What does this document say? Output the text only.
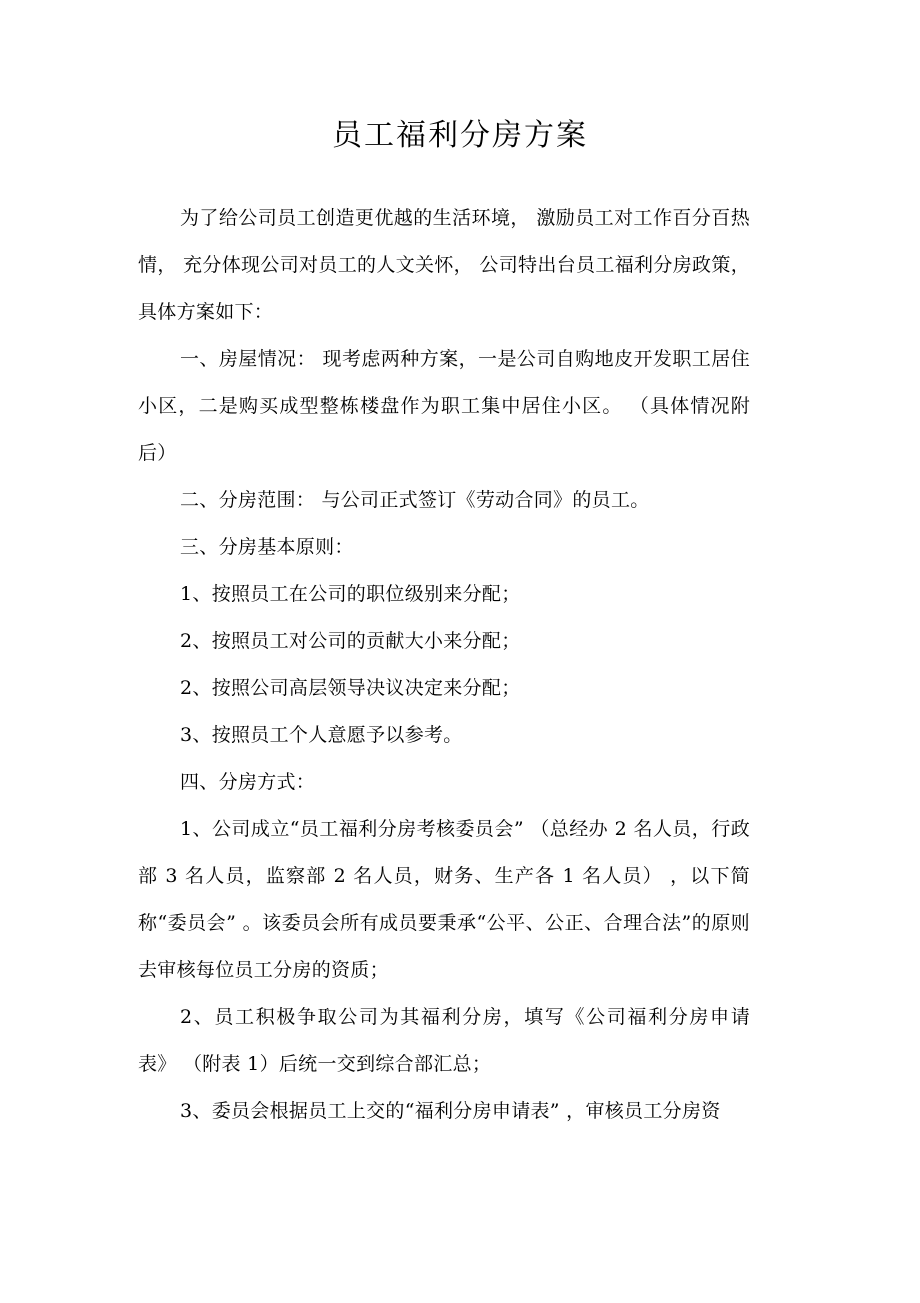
员工福利分房方案

为了给公司员工创造更优越的生活环境， 激励员工对工作百分百热情， 充分体现公司对员工的人文关怀， 公司特出台员工福利分房政策，具体方案如下：

一、房屋情况： 现考虑两种方案，一是公司自购地皮开发职工居住小区，二是购买成型整栋楼盘作为职工集中居住小区。 （具体情况附后）

二、分房范围： 与公司正式签订《劳动合同》的员工。

三、分房基本原则：

1、按照员工在公司的职位级别来分配；

2、按照员工对公司的贡献大小来分配；

2、按照公司高层领导决议决定来分配；

3、按照员工个人意愿予以参考。

四、分房方式：

1、公司成立“员工福利分房考核委员会” （总经办 2 名人员，行政部 3 名人员，监察部 2 名人员，财务、生产各 1 名人员） ，以下简称“委员会” 。该委员会所有成员要秉承“公平、公正、合理合法”的原则去审核每位员工分房的资质；

2、员工积极争取公司为其福利分房，填写《公司福利分房申请表》 （附表 1）后统一交到综合部汇总；

3、委员会根据员工上交的“福利分房申请表” ，审核员工分房资
